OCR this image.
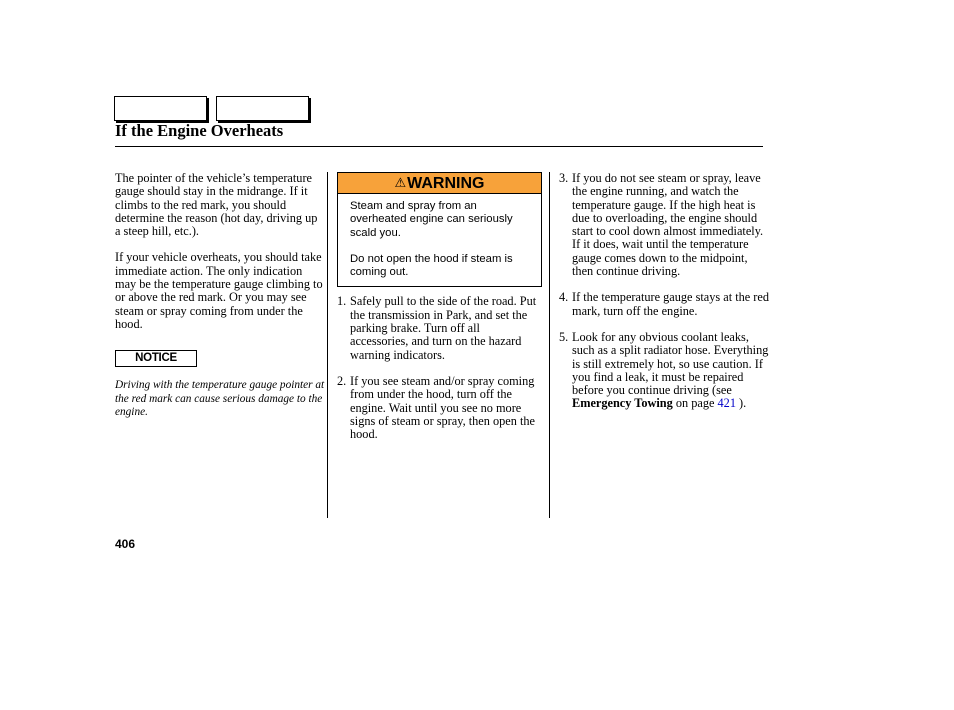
If the Engine Overheats

The pointer of the vehicle’s temperature gauge should stay in the midrange. If it climbs to the red mark, you should determine the reason (hot day, driving up a steep hill, etc.).

If your vehicle overheats, you should take immediate action. The only indication may be the temperature gauge climbing to or above the red mark. Or you may see steam or spray coming from under the hood.

NOTICE

Driving with the temperature gauge pointer at the red mark can cause serious damage to the engine.

⚠WARNING

Steam and spray from an overheated engine can seriously scald you.

Do not open the hood if steam is coming out.

1. Safely pull to the side of the road. Put the transmission in Park, and set the parking brake. Turn off all accessories, and turn on the hazard warning indicators.
2. If you see steam and/or spray coming from under the hood, turn off the engine. Wait until you see no more signs of steam or spray, then open the hood.
3. If you do not see steam or spray, leave the engine running, and watch the temperature gauge. If the high heat is due to overloading, the engine should start to cool down almost immediately. If it does, wait until the temperature gauge comes down to the midpoint, then continue driving.
4. If the temperature gauge stays at the red mark, turn off the engine.
5. Look for any obvious coolant leaks, such as a split radiator hose. Everything is still extremely hot, so use caution. If you find a leak, it must be repaired before you continue driving (see Emergency Towing on page 421 ).
406
